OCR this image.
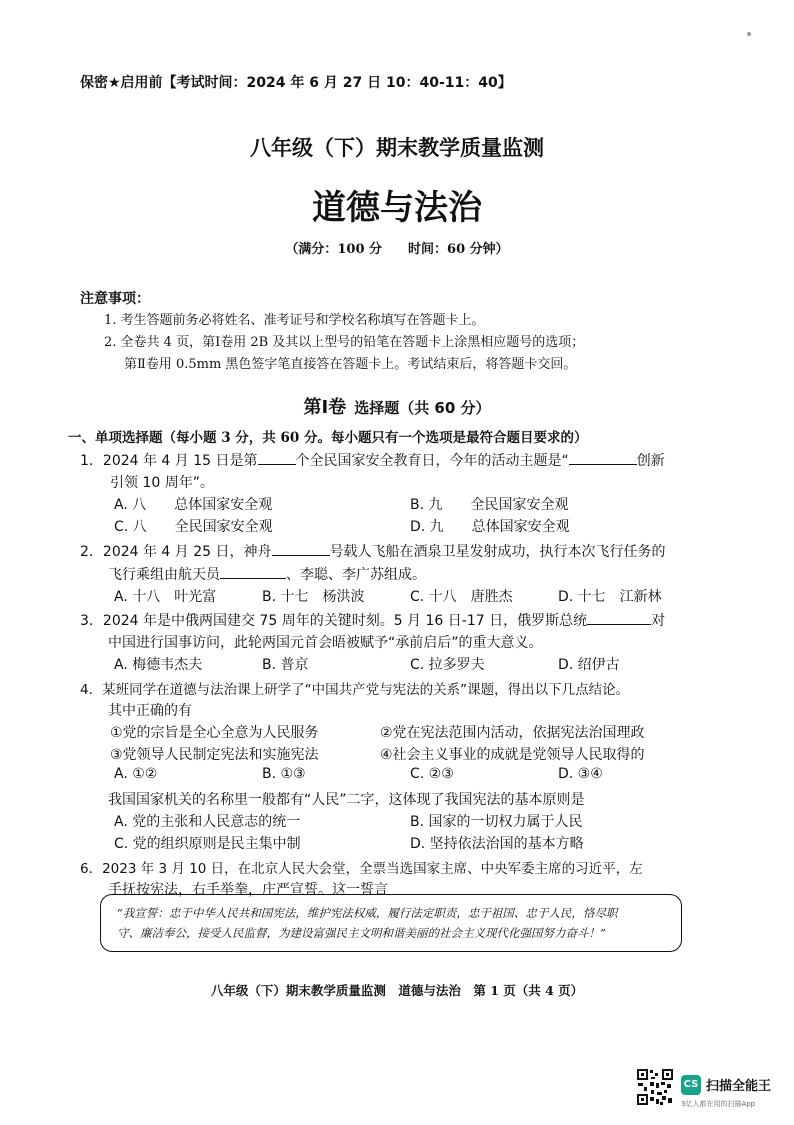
保密★启用前【考试时间：2024 年 6 月 27 日 10：40-11：40】
八年级（下）期末教学质量监测
道德与法治
（满分：100 分　　时间：60 分钟）
注意事项：
1. 考生答题前务必将姓名、准考证号和学校名称填写在答题卡上。
2. 全卷共 4 页，第Ⅰ卷用 2B 及其以上型号的铅笔在答题卡上涂黑相应题号的选项；
第Ⅱ卷用 0.5mm 黑色签字笔直接答在答题卡上。考试结束后，将答题卡交回。
第Ⅰ卷 选择题（共 60 分）
一、单项选择题（每小题 3 分，共 60 分。每小题只有一个选项是最符合题目要求的）
1．2024 年 4 月 15 日是第	个全民国家安全教育日，今年的活动主题是“	创新
引领 10 周年”。
A. 八　　总体国家安全观	B. 九　　全民国家安全观
C. 八　　全民国家安全观	D. 九　　总体国家安全观
2．2024 年 4 月 25 日，神舟	号载人飞船在酒泉卫星发射成功，执行本次飞行任务的
飞行乘组由航天员	、李聪、李广苏组成。
A. 十八　叶光富	B. 十七　杨洪波	C. 十八　唐胜杰	D. 十七　江新林
3．2024 年是中俄两国建交 75 周年的关键时刻。5 月 16 日-17 日，俄罗斯总统	对
中国进行国事访问，此轮两国元首会晤被赋予“承前启后”的重大意义。
A. 梅德韦杰夫	B. 普京	C. 拉多罗夫	D. 绍伊古
4．某班同学在道德与法治课上研学了“中国共产党与宪法的关系”课题，得出以下几点结论。
其中正确的有
①党的宗旨是全心全意为人民服务	②党在宪法范围内活动，依据宪法治国理政
③党领导人民制定宪法和实施宪法	④社会主义事业的成就是党领导人民取得的
A. ①②	B. ①③	C. ②③	D. ③④
我国国家机关的名称里一般都有“人民”二字，这体现了我国宪法的基本原则是
A. 党的主张和人民意志的统一	B. 国家的一切权力属于人民
C. 党的组织原则是民主集中制	D. 坚持依法治国的基本方略
6．2023 年 3 月 10 日，在北京人民大会堂，全票当选国家主席、中央军委主席的习近平，左
手抚按宪法，右手举拳，庄严宣誓。这一誓言
“我宣誓：忠于中华人民共和国宪法，维护宪法权威，履行法定职责，忠于祖国、忠于人民，恪尽职
守、廉洁奉公，接受人民监督，为建设富强民主文明和谐美丽的社会主义现代化强国努力奋斗！”
八年级（下）期末教学质量监测　道德与法治　第 1 页（共 4 页）
CS 扫描全能王
3亿人都在用的扫描App
